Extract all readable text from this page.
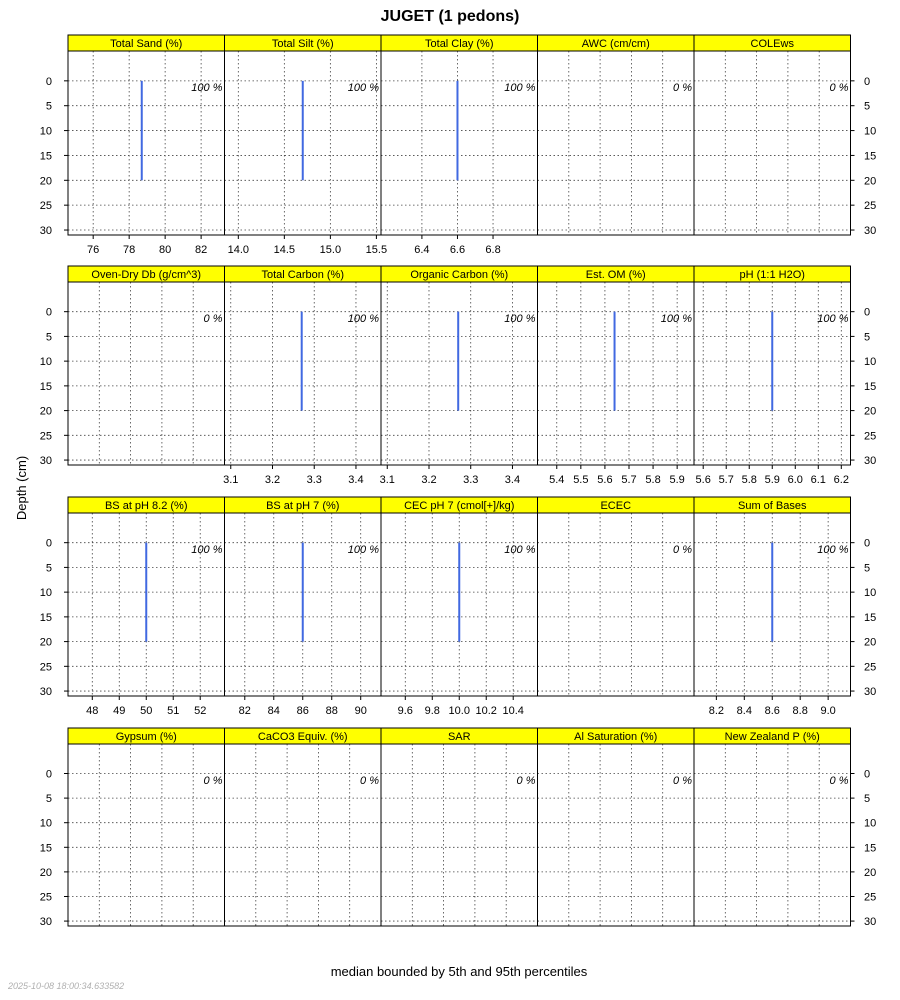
JUGET (1 pedons)
Total Sand (%)
100 %
76 78 80 82
Total Silt (%)
100 %
14.0 14.5 15.0 15.5
Total Clay (%)
100 %
6.4 6.6 6.8
AWC (cm/cm)
0 %
COLEws
0 %
Oven-Dry Db (g/cm^3)
0 %
Total Carbon (%)
100 %
3.1 3.2 3.3 3.4
Organic Carbon (%)
100 %
3.1 3.2 3.3 3.4
Est. OM (%)
100 %
5.4 5.5 5.6 5.7 5.8 5.9
pH (1:1 H2O)
100 %
5.6 5.7 5.8 5.9 6.0 6.1 6.2
BS at pH 8.2 (%)
100 %
48 49 50 51 52
BS at pH 7 (%)
100 %
82 84 86 88 90
CEC pH 7 (cmol[+]/kg)
100 %
9.6 9.8 10.0 10.2 10.4
ECEC
0 %
Sum of Bases
100 %
8.2 8.4 8.6 8.8 9.0
Gypsum (%)
0 %
CaCO3 Equiv. (%)
0 %
SAR
0 %
Al Saturation (%)
0 %
New Zealand P (%)
0 %
0	0
5	5
10	10
15	15
20	20
25	25
30	30
0	0
5	5
10	10
15	15
20	20
25	25
30	30
0	0
5	5
10	10
15	15
20	20
25	25
30	30
0	0
5	5
10	10
15	15
20	20
25	25
30	30
Depth (cm)
median bounded by 5th and 95th percentiles
2025-10-08 18:00:34.633582
